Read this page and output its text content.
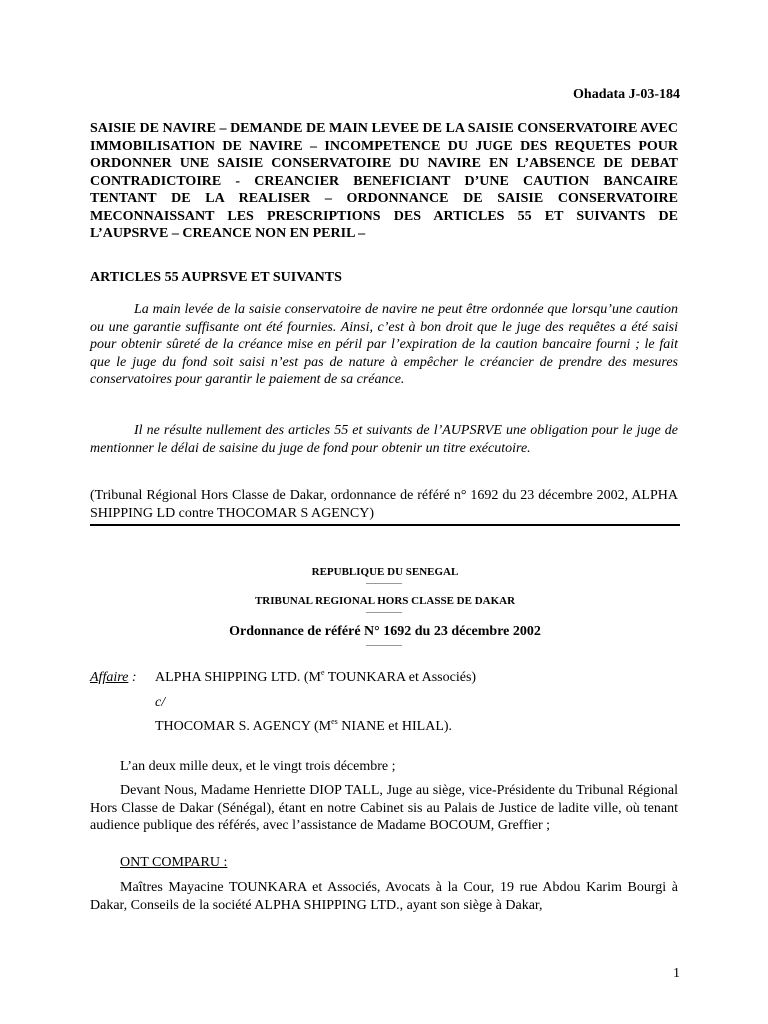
Ohadata J-03-184
SAISIE DE NAVIRE – DEMANDE DE MAIN LEVEE DE LA SAISIE CONSERVATOIRE AVEC IMMOBILISATION DE NAVIRE – INCOMPETENCE DU JUGE DES REQUETES POUR ORDONNER UNE SAISIE CONSERVATOIRE DU NAVIRE EN L’ABSENCE DE DEBAT CONTRADICTOIRE - CREANCIER BENEFICIANT D’UNE CAUTION BANCAIRE TENTANT DE LA REALISER – ORDONNANCE DE SAISIE CONSERVATOIRE MECONNAISSANT LES PRESCRIPTIONS DES ARTICLES 55 ET SUIVANTS DE L’AUPSRVE – CREANCE NON EN PERIL –
ARTICLES 55 AUPRSVE ET SUIVANTS

La main levée de la saisie conservatoire de navire ne peut être ordonnée que lorsqu’une caution ou une garantie suffisante ont été fournies. Ainsi, c’est à bon droit que le juge des requêtes a été saisi pour obtenir sûreté de la créance mise en péril par l’expiration de la caution bancaire fourni ; le fait que le juge du fond soit saisi n’est pas de nature à empêcher le créancier de prendre des mesures conservatoires pour garantir le paiement de sa créance.

Il ne résulte nullement des articles 55 et suivants de l’AUPSRVE une obligation pour le juge de mentionner le délai de saisine du juge de fond pour obtenir un titre exécutoire.

(Tribunal Régional Hors Classe de Dakar, ordonnance de référé n° 1692 du 23 décembre 2002, ALPHA SHIPPING LD contre THOCOMAR S AGENCY)
REPUBLIQUE DU SENEGAL
TRIBUNAL REGIONAL HORS CLASSE DE DAKAR
Ordonnance de référé N° 1692 du 23 décembre 2002
Affaire : ALPHA SHIPPING LTD. (Me TOUNKARA et Associés)
c/
THOCOMAR S. AGENCY ($M^{es}$ NIANE et HILAL).

L’an deux mille deux, et le vingt trois décembre ;

Devant Nous, Madame Henriette DIOP TALL, Juge au siège, vice-Présidente du Tribunal Régional Hors Classe de Dakar (Sénégal), étant en notre Cabinet sis au Palais de Justice de ladite ville, où tenant audience publique des référés, avec l’assistance de Madame BOCOUM, Greffier ;

ONT COMPARU :

Maîtres Mayacine TOUNKARA et Associés, Avocats à la Cour, 19 rue Abdou Karim Bourgi à Dakar, Conseils de la société ALPHA SHIPPING LTD., ayant son siège à Dakar,

1
